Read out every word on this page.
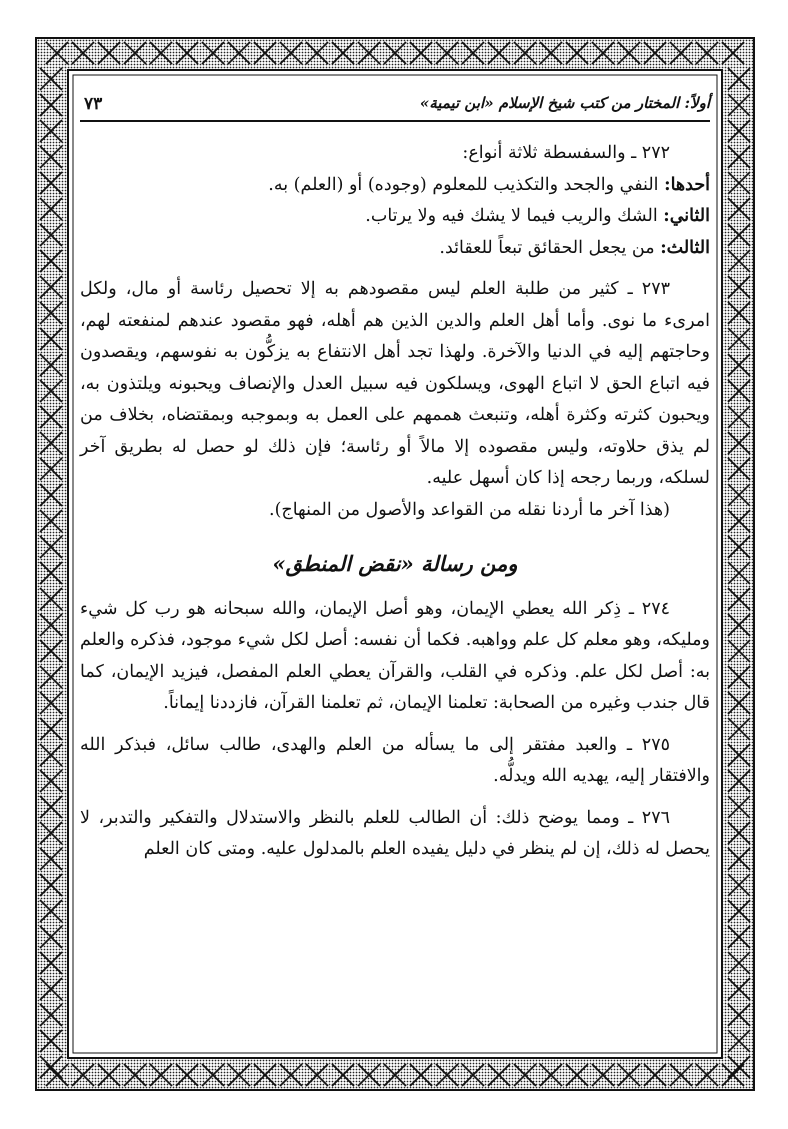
أولاً: المختار من كتب شيخ الإسلام «ابن تيمية»
٧٣

٢٧٢ ـ والسفسطة ثلاثة أنواع:

أحدها: النفي والجحد والتكذيب للمعلوم (وجوده) أو (العلم) به.

الثاني: الشك والريب فيما لا يشك فيه ولا يرتاب.

الثالث: من يجعل الحقائق تبعاً للعقائد.

٢٧٣ ـ كثير من طلبة العلم ليس مقصودهم به إلا تحصيل رئاسة أو مال، ولكل امرىء ما نوى. وأما أهل العلم والدين الذين هم أهله، فهو مقصود عندهم لمنفعته لهم، وحاجتهم إليه في الدنيا والآخرة. ولهذا تجد أهل الانتفاع به يزكُّون به نفوسهم، ويقصدون فيه اتباع الحق لا اتباع الهوى، ويسلكون فيه سبيل العدل والإنصاف ويحبونه ويلتذون به، ويحبون كثرته وكثرة أهله، وتنبعث هممهم على العمل به وبموجبه وبمقتضاه، بخلاف من لم يذق حلاوته، وليس مقصوده إلا مالاً أو رئاسة؛ فإن ذلك لو حصل له بطريق آخر لسلكه، وربما رجحه إذا كان أسهل عليه.

(هذا آخر ما أردنا نقله من القواعد والأصول من المنهاج).

ومن رسالة «نقض المنطق»

٢٧٤ ـ ذِكر الله يعطي الإيمان، وهو أصل الإيمان، والله سبحانه هو رب كل شيء ومليكه، وهو معلم كل علم وواهبه. فكما أن نفسه: أصل لكل شيء موجود، فذكره والعلم به: أصل لكل علم. وذكره في القلب، والقرآن يعطي العلم المفصل، فيزيد الإيمان، كما قال جندب وغيره من الصحابة: تعلمنا الإيمان، ثم تعلمنا القرآن، فازددنا إيماناً.

٢٧٥ ـ والعبد مفتقر إلى ما يسأله من العلم والهدى، طالب سائل، فبذكر الله والافتقار إليه، يهديه الله ويدلُّه.

٢٧٦ ـ ومما يوضح ذلك: أن الطالب للعلم بالنظر والاستدلال والتفكير والتدبر، لا يحصل له ذلك، إن لم ينظر في دليل يفيده العلم بالمدلول عليه. ومتى كان العلم
